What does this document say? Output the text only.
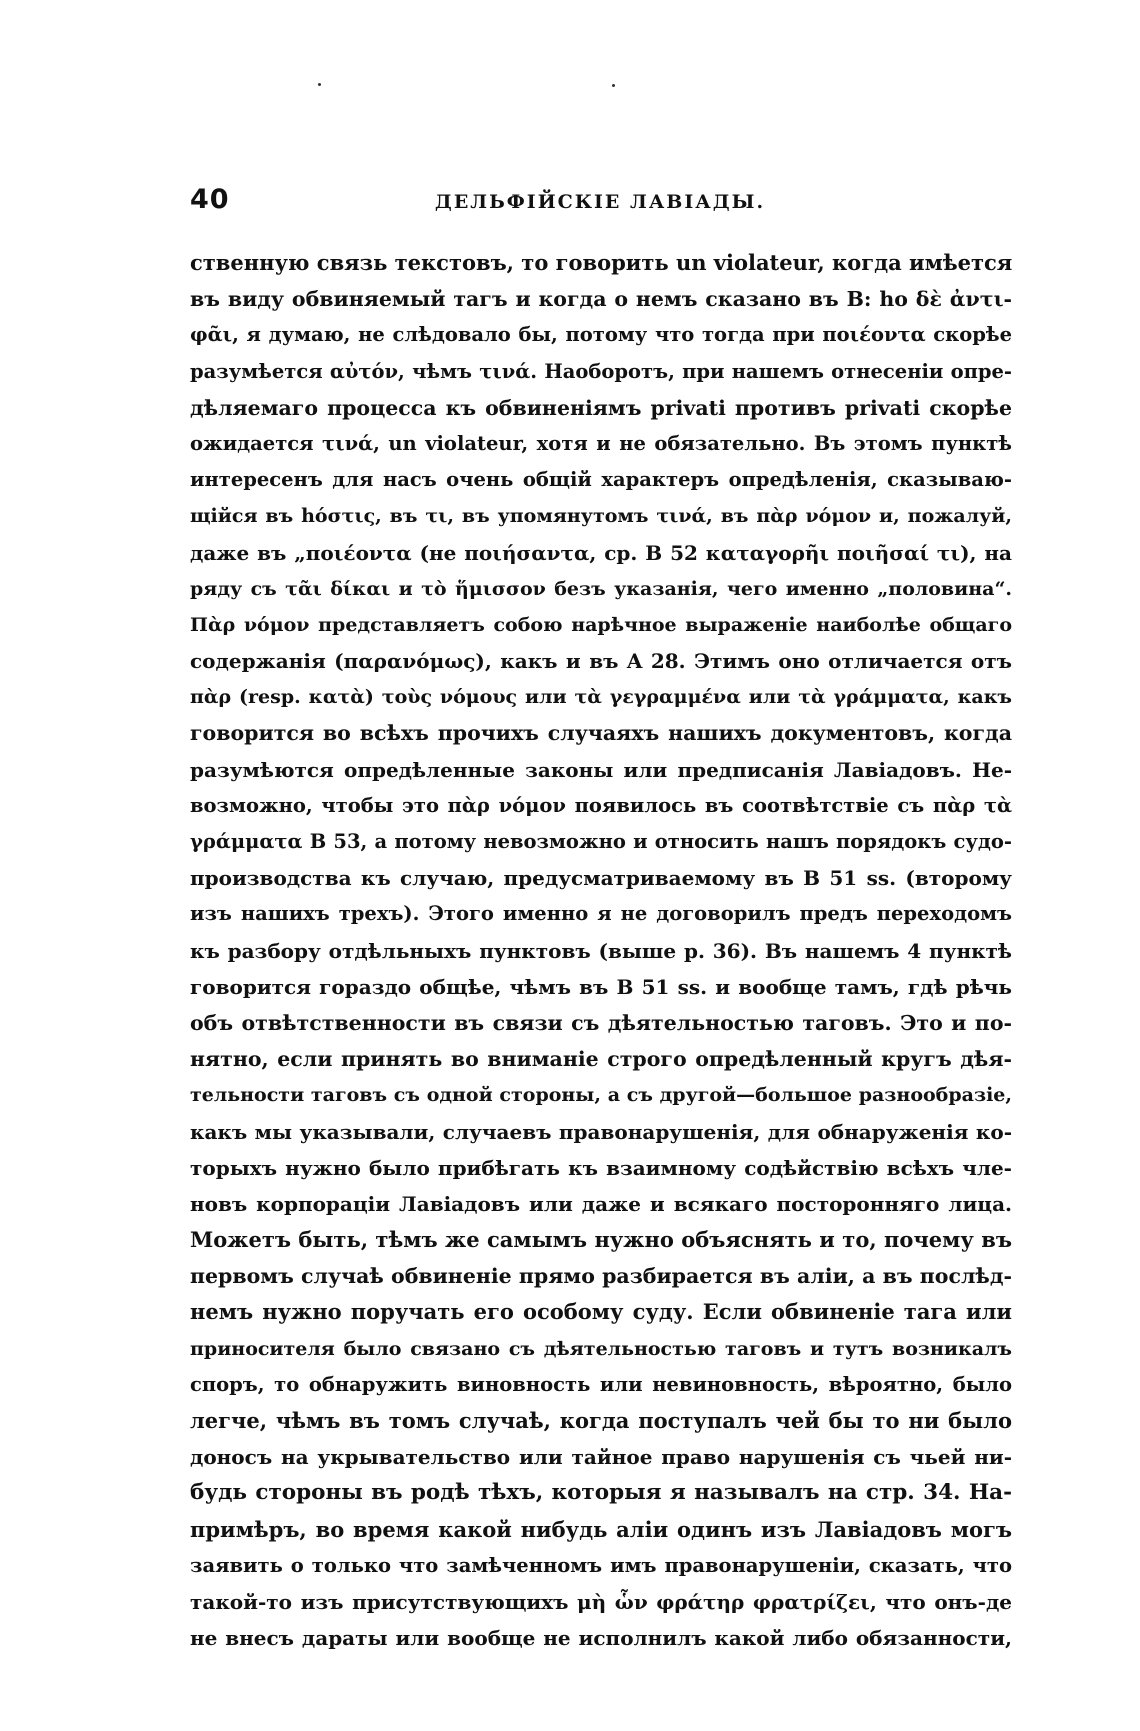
40	ДЕЛЬФІЙСКІЕ ЛАВІАДЫ.
ственную связь текстовъ, то говорить un violateur, когда имѣется
въ виду обвиняемый тагъ и когда о немъ сказано въ B: ho δὲ ἀντι-
φᾶι, я думаю, не слѣдовало бы, потому что тогда при ποιέοντα скорѣе
разумѣется αὐτόν, чѣмъ τινά. Наоборотъ, при нашемъ отнесеніи опре-
дѣляемаго процесса къ обвиненіямъ privati противъ privati скорѣе
ожидается τινά, un violateur, хотя и не обязательно. Въ этомъ пунктѣ
интересенъ для насъ очень общій характеръ опредѣленія, сказываю-
щійся въ hόστις, въ τι, въ упомянутомъ τινά, въ πὰρ νόμον и, пожалуй,
даже въ „ποιέοντα (не ποιήσαντα, ср. B 52 καταγορῆι ποιῆσαί τι), на
ряду съ τᾶι δίκαι и τὸ ἥμισσον безъ указанія, чего именно „половина“.
Πὰρ νόμον представляетъ собою нарѣчное выраженіе наиболѣе общаго
содержанія (παρανόμως), какъ и въ A 28. Этимъ оно отличается отъ
πὰρ (resp. κατὰ) τοὺς νόμους или τὰ γεγραμμένα или τὰ γράμματα, какъ
говорится во всѣхъ прочихъ случаяхъ нашихъ документовъ, когда
разумѣются опредѣленные законы или предписанія Лавіадовъ. Не-
возможно, чтобы это πὰρ νόμον появилось въ соотвѣтствіе съ πὰρ τὰ
γράμματα B 53, а потому невозможно и относить нашъ порядокъ судо-
производства къ случаю, предусматриваемому въ B 51 ss. (второму
изъ нашихъ трехъ). Этого именно я не договорилъ предъ переходомъ
къ разбору отдѣльныхъ пунктовъ (выше р. 36). Въ нашемъ 4 пунктѣ
говорится гораздо общѣе, чѣмъ въ B 51 ss. и вообще тамъ, гдѣ рѣчь
объ отвѣтственности въ связи съ дѣятельностью таговъ. Это и по-
нятно, если принять во вниманіе строго опредѣленный кругъ дѣя-
тельности таговъ съ одной стороны, а съ другой—большое разнообразіе,
какъ мы указывали, случаевъ правонарушенія, для обнаруженія ко-
торыхъ нужно было прибѣгать къ взаимному содѣйствію всѣхъ чле-
новъ корпораціи Лавіадовъ или даже и всякаго посторонняго лица.
Можетъ быть, тѣмъ же самымъ нужно объяснять и то, почему въ
первомъ случаѣ обвиненіе прямо разбирается въ аліи, а въ послѣд-
немъ нужно поручать его особому суду. Если обвиненіе тага или
приносителя было связано съ дѣятельностью таговъ и тутъ возникалъ
споръ, то обнаружить виновность или невиновность, вѣроятно, было
легче, чѣмъ въ томъ случаѣ, когда поступалъ чей бы то ни было
доносъ на укрывательство или тайное право нарушенія съ чьей ни-
будь стороны въ родѣ тѣхъ, которыя я называлъ на стр. 34. На-
примѣръ, во время какой нибудь аліи одинъ изъ Лавіадовъ могъ
заявить о только что замѣченномъ имъ правонарушеніи, сказать, что
такой-то изъ присутствующихъ μὴ ὧν φράτηρ φρατρίζει, что онъ-де
не внесъ дараты или вообще не исполнилъ какой либо обязанности,
